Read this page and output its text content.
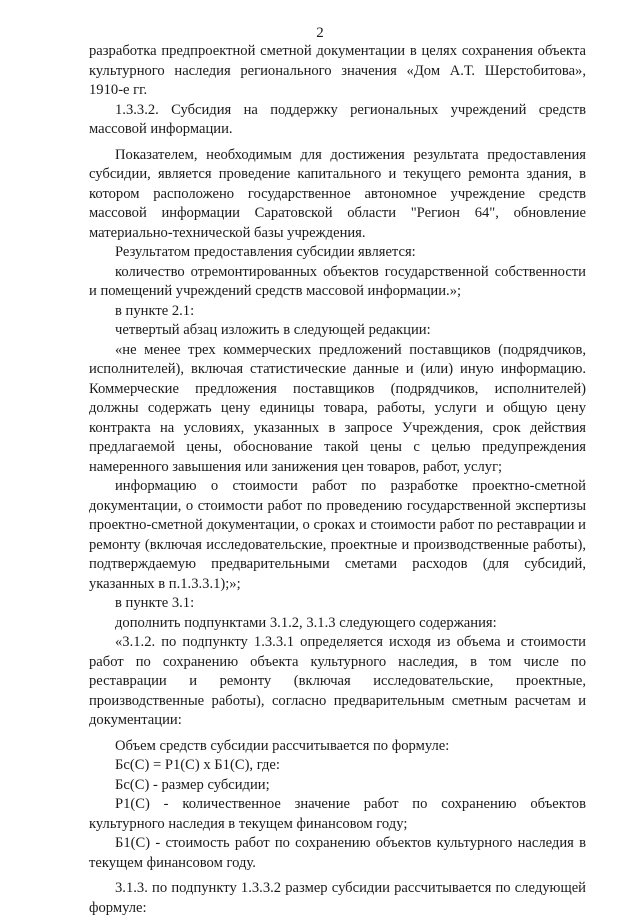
2

разработка предпроектной сметной документации в целях сохранения объекта культурного наследия регионального значения «Дом А.Т. Шерстобитова», 1910-е гг.

1.3.3.2. Субсидия на поддержку региональных учреждений средств массовой информации.

Показателем, необходимым для достижения результата предоставления субсидии, является проведение капитального и текущего ремонта здания, в котором расположено государственное автономное учреждение средств массовой информации Саратовской области "Регион 64", обновление материально-технической базы учреждения.

Результатом предоставления субсидии является:

количество отремонтированных объектов государственной собственности и помещений учреждений средств массовой информации.»;

в пункте 2.1:

четвертый абзац изложить в следующей редакции:

«не менее трех коммерческих предложений поставщиков (подрядчиков, исполнителей), включая статистические данные и (или) иную информацию. Коммерческие предложения поставщиков (подрядчиков, исполнителей) должны содержать цену единицы товара, работы, услуги и общую цену контракта на условиях, указанных в запросе Учреждения, срок действия предлагаемой цены, обоснование такой цены с целью предупреждения намеренного завышения или занижения цен товаров, работ, услуг;

информацию о стоимости работ по разработке проектно-сметной документации, о стоимости работ по проведению государственной экспертизы проектно-сметной документации, о сроках и стоимости работ по реставрации и ремонту (включая исследовательские, проектные и производственные работы), подтверждаемую предварительными сметами расходов (для субсидий, указанных в п.1.3.3.1);»;

в пункте 3.1:

дополнить подпунктами 3.1.2, 3.1.3 следующего содержания:

«3.1.2. по подпункту 1.3.3.1 определяется исходя из объема и стоимости работ по сохранению объекта культурного наследия, в том числе по реставрации и ремонту (включая исследовательские, проектные, производственные работы), согласно предварительным сметным расчетам и документации:

Объем средств субсидии рассчитывается по формуле:

Бс(С) = Р1(С) х Б1(С), где:

Бс(С) - размер субсидии;

Р1(С) - количественное значение работ по сохранению объектов культурного наследия в текущем финансовом году;

Б1(С) - стоимость работ по сохранению объектов культурного наследия в текущем финансовом году.

3.1.3. по подпункту 1.3.3.2 размер субсидии рассчитывается по следующей формуле:
